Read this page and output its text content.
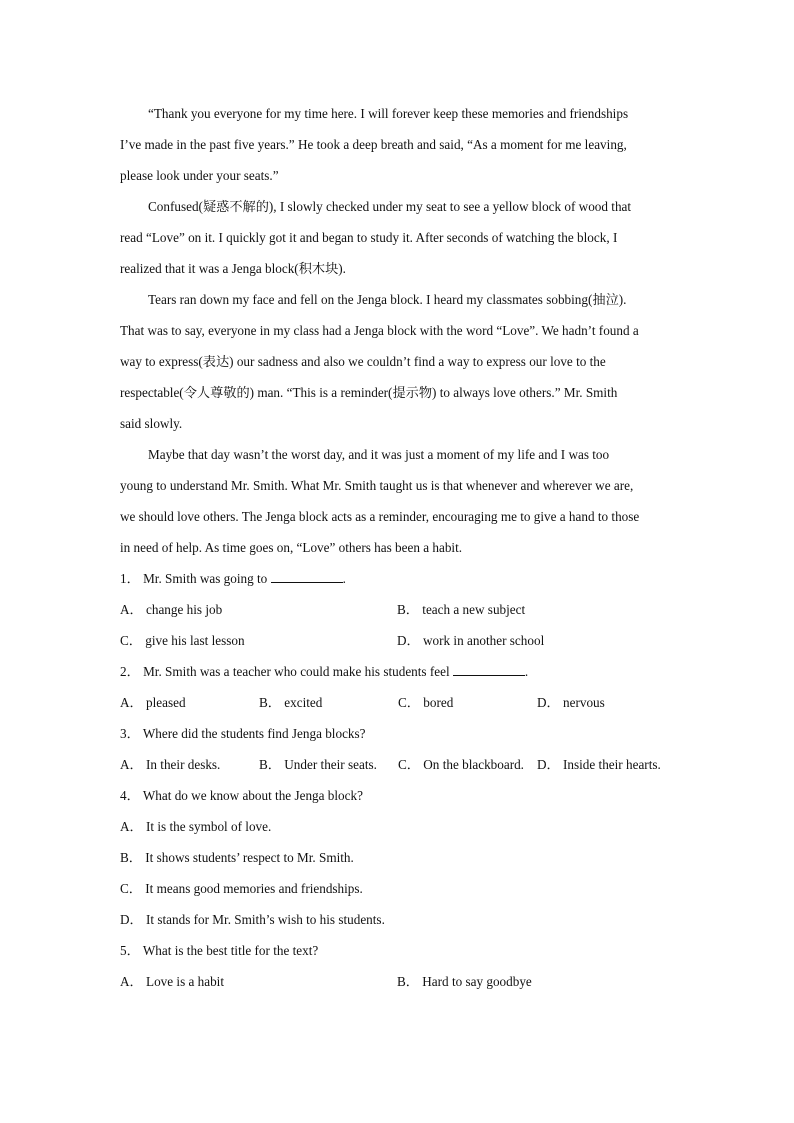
“Thank you everyone for my time here. I will forever keep these memories and friendships

I’ve made in the past five years.” He took a deep breath and said, “As a moment for me leaving,

please look under your seats.”

Confused(疑惑不解的), I slowly checked under my seat to see a yellow block of wood that

read “Love” on it. I quickly got it and began to study it. After seconds of watching the block, I

realized that it was a Jenga block(积木块).

Tears ran down my face and fell on the Jenga block. I heard my classmates sobbing(抽泣).

That was to say, everyone in my class had a Jenga block with the word “Love”. We hadn’t found a

way to express(表达) our sadness and also we couldn’t find a way to express our love to the

respectable(令人尊敬的) man. “This is a reminder(提示物) to always love others.” Mr. Smith

said slowly.

Maybe that day wasn’t the worst day, and it was just a moment of my life and I was too

young to understand Mr. Smith. What Mr. Smith taught us is that whenever and wherever we are,

we should love others. The Jenga block acts as a reminder, encouraging me to give a hand to those

in need of help. As time goes on, “Love” others has been a habit.

1． Mr. Smith was going to	.
A． change his job	B． teach a new subject
C． give his last lesson	D． work in another school
2． Mr. Smith was a teacher who could make his students feel	.
A． pleased	B． excited	C． bored	D． nervous
3． Where did the students find Jenga blocks?
A． In their desks.	B． Under their seats.	C． On the blackboard. D． Inside their hearts.
4． What do we know about the Jenga block?
A． It is the symbol of love.
B． It shows students’ respect to Mr. Smith.
C． It means good memories and friendships.
D． It stands for Mr. Smith’s wish to his students.
5． What is the best title for the text?
A． Love is a habit	B． Hard to say goodbye
